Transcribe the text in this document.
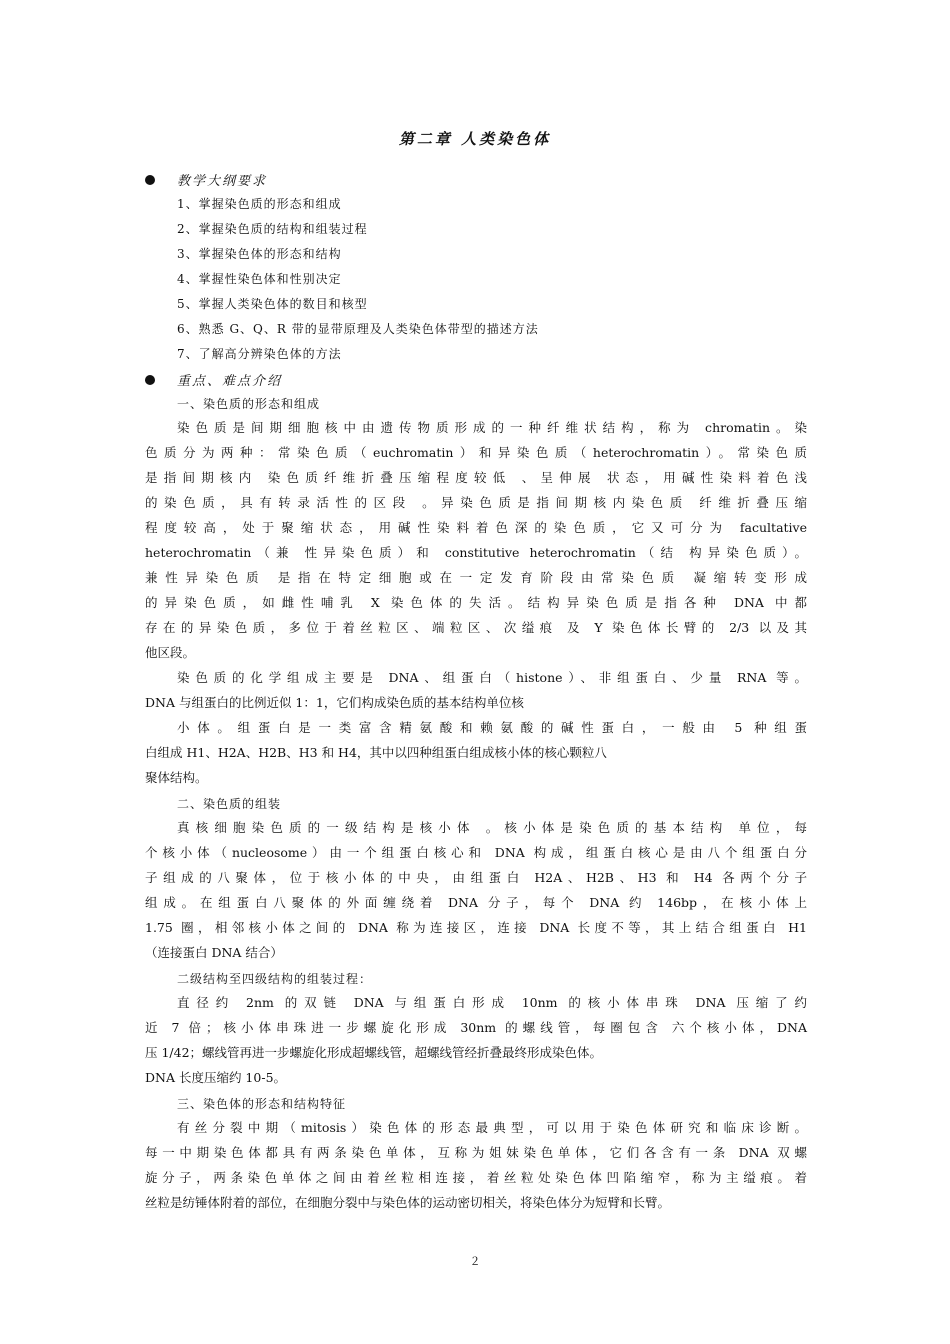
第二章 人类染色体
教学大纲要求
1、掌握染色质的形态和组成
2、掌握染色质的结构和组装过程
3、掌握染色体的形态和结构
4、掌握性染色体和性别决定
5、掌握人类染色体的数目和核型
6、熟悉 G、Q、R 带的显带原理及人类染色体带型的描述方法
7、了解高分辨染色体的方法
重点、难点介绍
一、染色质的形态和组成
染色质是间期细胞核中由遗传物质形成的一种纤维状结构，称为 chromatin。染
色质分为两种：常染色质（euchromatin）和异染色质（heterochromatin）。常染色质
是指间期核内 染色质纤维折叠压缩程度较低 、呈伸展 状态，用碱性染料着色浅
的染色质，具有转录活性的区段 。异染色质是指间期核内染色质 纤维折叠压缩
程度较高，处于聚缩状态，用碱性染料着色深的染色质，它又可分为 facultative
heterochromatin（兼 性异染色质）和 constitutive heterochromatin（结 构异染色质）。
兼性异染色质 是指在特定细胞或在一定发育阶段由常染色质 凝缩转变形成
的异染色质，如雌性哺乳 X 染色体的失活。结构异染色质是指各种 DNA 中都
存在的异染色质，多位于着丝粒区、端粒区、次缢痕 及 Y 染色体长臂的 2/3 以及其
他区段。
染色质的化学组成主要是 DNA、组蛋白（histone）、非组蛋白、少量 RNA 等。
DNA 与组蛋白的比例近似 1：1，它们构成染色质的基本结构单位核
小体。组蛋白是一类富含精氨酸和赖氨酸的碱性蛋白，一般由 5 种组蛋
白组成 H1、H2A、H2B、H3 和 H4，其中以四种组蛋白组成核小体的核心颗粒八
聚体结构。
二、染色质的组装
真核细胞染色质的一级结构是核小体 。核小体是染色质的基本结构 单位，每
个核小体（nucleosome）由一个组蛋白核心和 DNA 构成，组蛋白核心是由八个组蛋白分
子组成的八聚体，位于核小体的中央，由组蛋白 H2A、H2B、H3 和 H4 各两个分子
组成。在组蛋白八聚体的外面缠绕着 DNA 分子，每个 DNA 约 146bp，在核小体上
1.75 圈，相邻核小体之间的 DNA 称为连接区，连接 DNA 长度不等，其上结合组蛋白 H1
（连接蛋白 DNA 结合）
二级结构至四级结构的组装过程：
直径约 2nm 的双链 DNA 与组蛋白形成 10nm 的核小体串珠 DNA 压缩了约
近 7 倍；核小体串珠进一步螺旋化形成 30nm 的螺线管，每圈包含 六个核小体，DNA
压 1/42；螺线管再进一步螺旋化形成超螺线管，超螺线管经折叠最终形成染色体。
DNA 长度压缩约 10-5。
三、染色体的形态和结构特征
有丝分裂中期（mitosis）染色体的形态最典型，可以用于染色体研究和临床诊断。
每一中期染色体都具有两条染色单体，互称为姐妹染色单体，它们各含有一条 DNA 双螺
旋分子，两条染色单体之间由着丝粒相连接，着丝粒处染色体凹陷缩窄，称为主缢痕。着
丝粒是纺锤体附着的部位，在细胞分裂中与染色体的运动密切相关，将染色体分为短臂和长臂。
２
